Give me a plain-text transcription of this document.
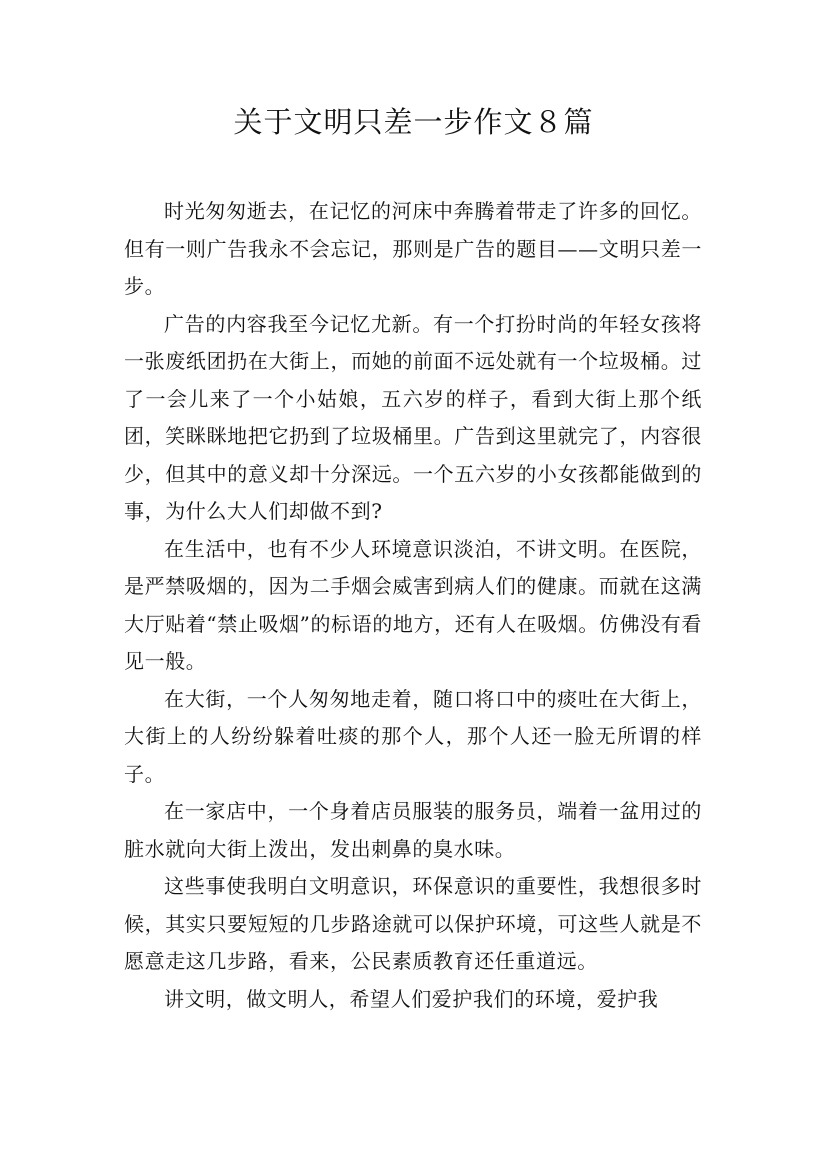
关于文明只差一步作文８篇

时光匆匆逝去，在记忆的河床中奔腾着带走了许多的回忆。但有一则广告我永不会忘记，那则是广告的题目——文明只差一步。

广告的内容我至今记忆尤新。有一个打扮时尚的年轻女孩将一张废纸团扔在大街上，而她的前面不远处就有一个垃圾桶。过了一会儿来了一个小姑娘，五六岁的样子，看到大街上那个纸团，笑眯眯地把它扔到了垃圾桶里。广告到这里就完了，内容很少，但其中的意义却十分深远。一个五六岁的小女孩都能做到的事，为什么大人们却做不到?

在生活中，也有不少人环境意识淡泊，不讲文明。在医院，是严禁吸烟的，因为二手烟会威害到病人们的健康。而就在这满大厅贴着“禁止吸烟”的标语的地方，还有人在吸烟。仿佛没有看见一般。

在大街，一个人匆匆地走着，随口将口中的痰吐在大街上，大街上的人纷纷躲着吐痰的那个人，那个人还一脸无所谓的样子。

在一家店中，一个身着店员服装的服务员，端着一盆用过的脏水就向大街上泼出，发出刺鼻的臭水味。

这些事使我明白文明意识，环保意识的重要性，我想很多时候，其实只要短短的几步路途就可以保护环境，可这些人就是不愿意走这几步路，看来，公民素质教育还任重道远。

讲文明，做文明人，希望人们爱护我们的环境，爱护我
